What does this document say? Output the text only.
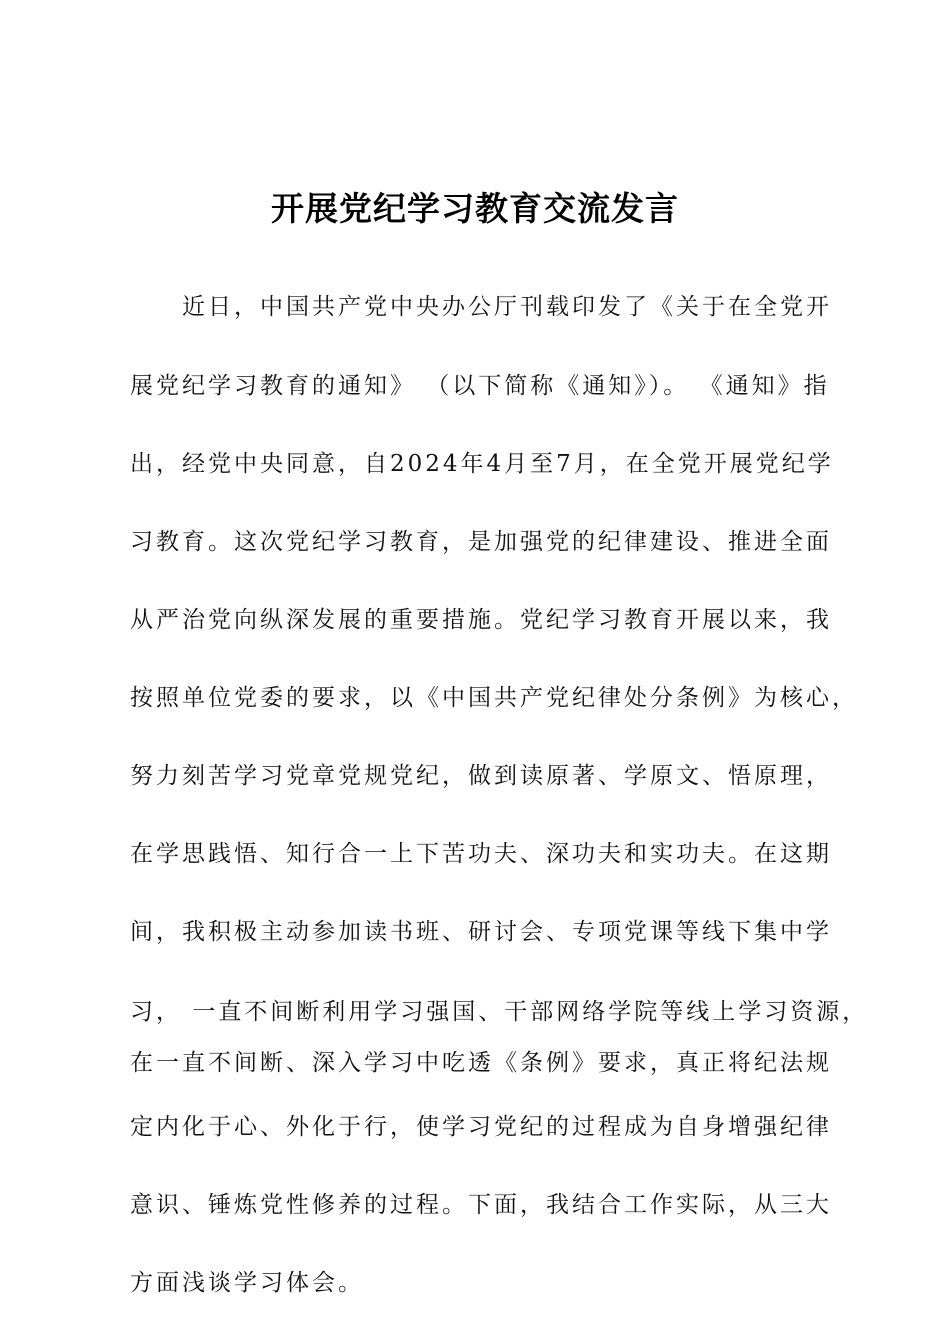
开展党纪学习教育交流发言

近日，中国共产党中央办公厅刊载印发了《关于在全党开

展党纪学习教育的通知》 （以下简称《通知》）。 《通知》指

出，经党中央同意，自2024年4月至7月，在全党开展党纪学

习教育。这次党纪学习教育，是加强党的纪律建设、推进全面

从严治党向纵深发展的重要措施。党纪学习教育开展以来，我

按照单位党委的要求，以《中国共产党纪律处分条例》为核心，

努力刻苦学习党章党规党纪，做到读原著、学原文、悟原理，

在学思践悟、知行合一上下苦功夫、深功夫和实功夫。在这期

间，我积极主动参加读书班、研讨会、专项党课等线下集中学

习， 一直不间断利用学习强国、干部网络学院等线上学习资源，

在一直不间断、深入学习中吃透《条例》要求，真正将纪法规

定内化于心、外化于行，使学习党纪的过程成为自身增强纪律

意识、锤炼党性修养的过程。下面，我结合工作实际，从三大

方面浅谈学习体会。
